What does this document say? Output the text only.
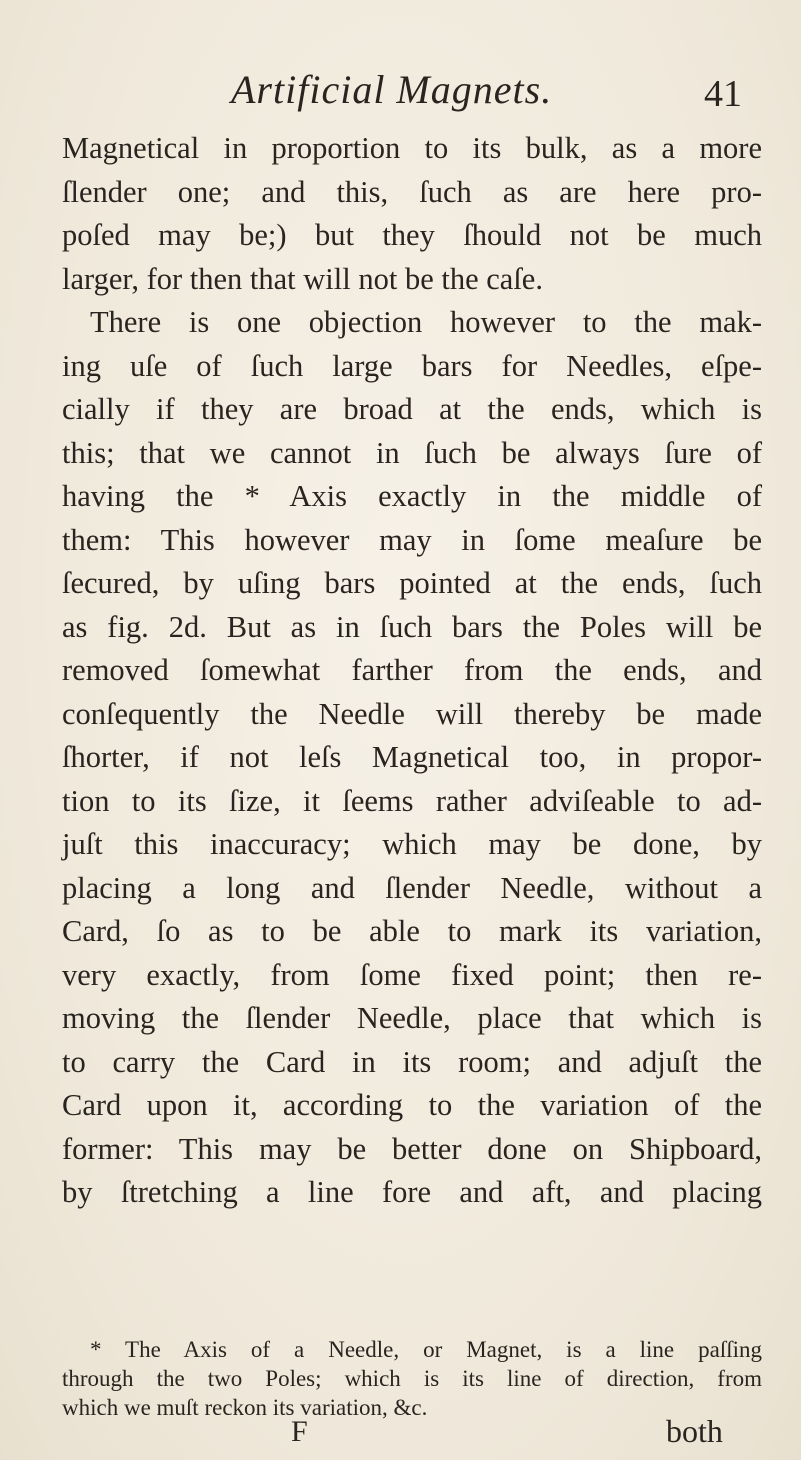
Artificial Magnets.	41
Magnetical in proportion to its bulk, as a more
ſlender one; and this, ſuch as are here pro-
poſed may be;) but they ſhould not be much
larger, for then that will not be the caſe.
There is one objection however to the mak-
ing uſe of ſuch large bars for Needles, eſpe-
cially if they are broad at the ends, which is
this; that we cannot in ſuch be always ſure of
having the * Axis exactly in the middle of
them: This however may in ſome meaſure be
ſecured, by uſing bars pointed at the ends, ſuch
as fig. 2d. But as in ſuch bars the Poles will be
removed ſomewhat farther from the ends, and
conſequently the Needle will thereby be made
ſhorter, if not leſs Magnetical too, in propor-
tion to its ſize, it ſeems rather adviſeable to ad-
juſt this inaccuracy; which may be done, by
placing a long and ſlender Needle, without a
Card, ſo as to be able to mark its variation,
very exactly, from ſome fixed point; then re-
moving the ſlender Needle, place that which is
to carry the Card in its room; and adjuſt the
Card upon it, according to the variation of the
former: This may be better done on Shipboard,
by ſtretching a line fore and aft, and placing
* The Axis of a Needle, or Magnet, is a line paſſing
through the two Poles; which is its line of direction, from
which we muſt reckon its variation, &c.
F	both
